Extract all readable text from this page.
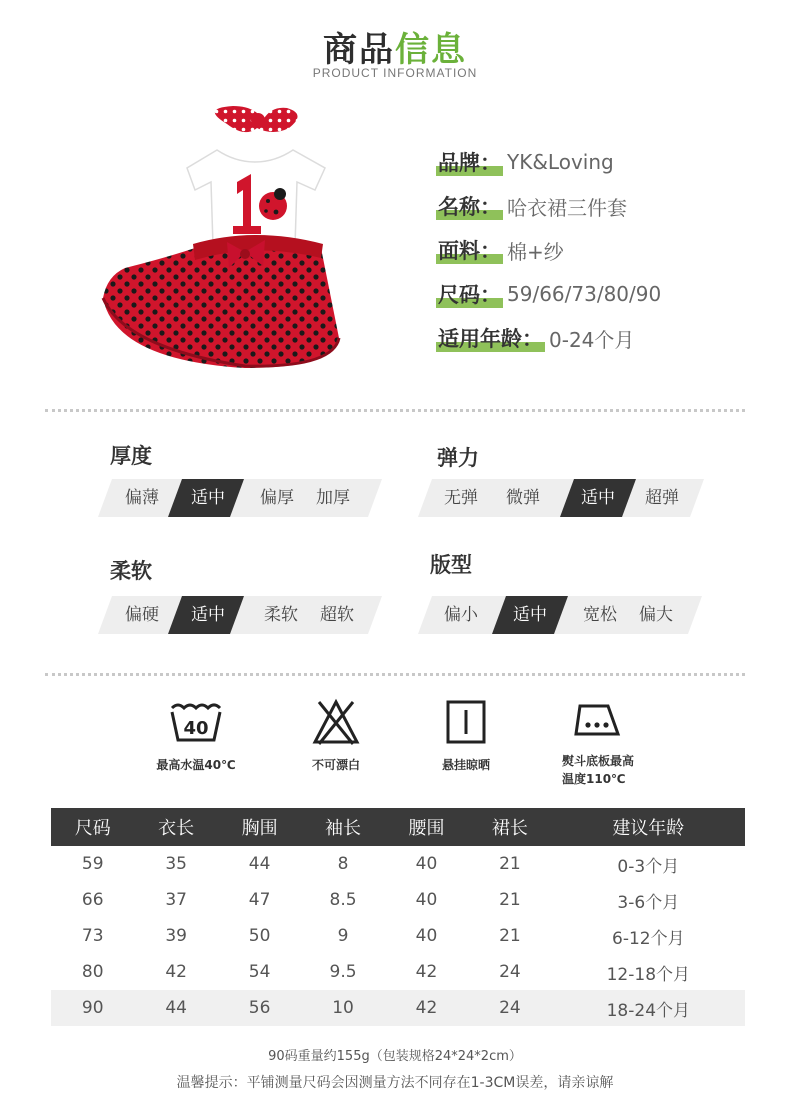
商品信息
PRODUCT INFORMATION
品牌： YK&Loving
名称： 哈衣裙三件套
面料： 棉+纱
尺码： 59/66/73/80/90
适用年龄： 0-24个月
厚度
偏薄	适中	偏厚	加厚
弹力
无弹	微弹	适中	超弹
柔软
偏硬	适中	柔软	超软
版型
偏小	适中	宽松	偏大
40
最高水温40℃	不可漂白	悬挂晾晒	熨斗底板最高
温度110℃
尺码	衣长	胸围	袖长	腰围	裙长	建议年龄
59	35	44	8	40	21	0-3个月
66	37	47	8.5	40	21	3-6个月
73	39	50	9	40	21	6-12个月
80	42	54	9.5	42	24	12-18个月
90	44	56	10	42	24	18-24个月
90码重量约155g（包装规格24*24*2cm）
温馨提示：平铺测量尺码会因测量方法不同存在1-3CM误差，请亲谅解
